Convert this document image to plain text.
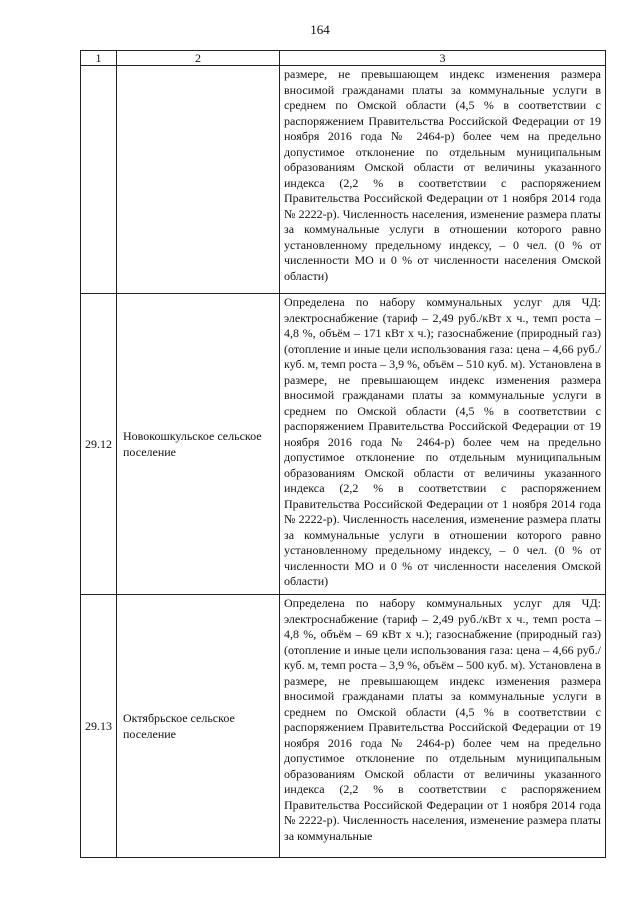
164
1	2	3
		размере, не превышающем индекс изменения размера вносимой гражданами платы за коммунальные услуги в среднем по Омской области (4,5 % в соответствии с распоряжением Правительства Российской Федерации от 19 ноября 2016 года № 2464-р) более чем на предельно допустимое отклонение по отдельным муниципальным образованиям Омской области от величины указанного индекса (2,2 % в соответствии с распоряжением Правительства Российской Федерации от 1 ноября 2014 года № 2222-р). Численность населения, изменение размера платы за коммунальные услуги в отношении которого равно установленному предельному индексу, – 0 чел. (0 % от численности МО и 0 % от численности населения Омской области)
29.12	Новокошкульское сельское поселение	Определена по набору коммунальных услуг для ЧД: электроснабжение (тариф – 2,49 руб./кВт х ч., темп роста – 4,8 %, объём – 171 кВт х ч.); газоснабжение (природный газ) (отопление и иные цели использования газа: цена – 4,66 руб./куб. м, темп роста – 3,9 %, объём – 510 куб. м). Установлена в размере, не превышающем индекс изменения размера вносимой гражданами платы за коммунальные услуги в среднем по Омской области (4,5 % в соответствии с распоряжением Правительства Российской Федерации от 19 ноября 2016 года № 2464-р) более чем на предельно допустимое отклонение по отдельным муниципальным образованиям Омской области от величины указанного индекса (2,2 % в соответствии с распоряжением Правительства Российской Федерации от 1 ноября 2014 года № 2222-р). Численность населения, изменение размера платы за коммунальные услуги в отношении которого равно установленному предельному индексу, – 0 чел. (0 % от численности МО и 0 % от численности населения Омской области)
29.13	Октябрьское сельское поселение	Определена по набору коммунальных услуг для ЧД: электроснабжение (тариф – 2,49 руб./кВт х ч., темп роста – 4,8 %, объём – 69 кВт х ч.); газоснабжение (природный газ) (отопление и иные цели использования газа: цена – 4,66 руб./куб. м, темп роста – 3,9 %, объём – 500 куб. м). Установлена в размере, не превышающем индекс изменения размера вносимой гражданами платы за коммунальные услуги в среднем по Омской области (4,5 % в соответствии с распоряжением Правительства Российской Федерации от 19 ноября 2016 года № 2464-р) более чем на предельно допустимое отклонение по отдельным муниципальным образованиям Омской области от величины указанного индекса (2,2 % в соответствии с распоряжением Правительства Российской Федерации от 1 ноября 2014 года № 2222-р). Численность населения, изменение размера платы за коммунальные
